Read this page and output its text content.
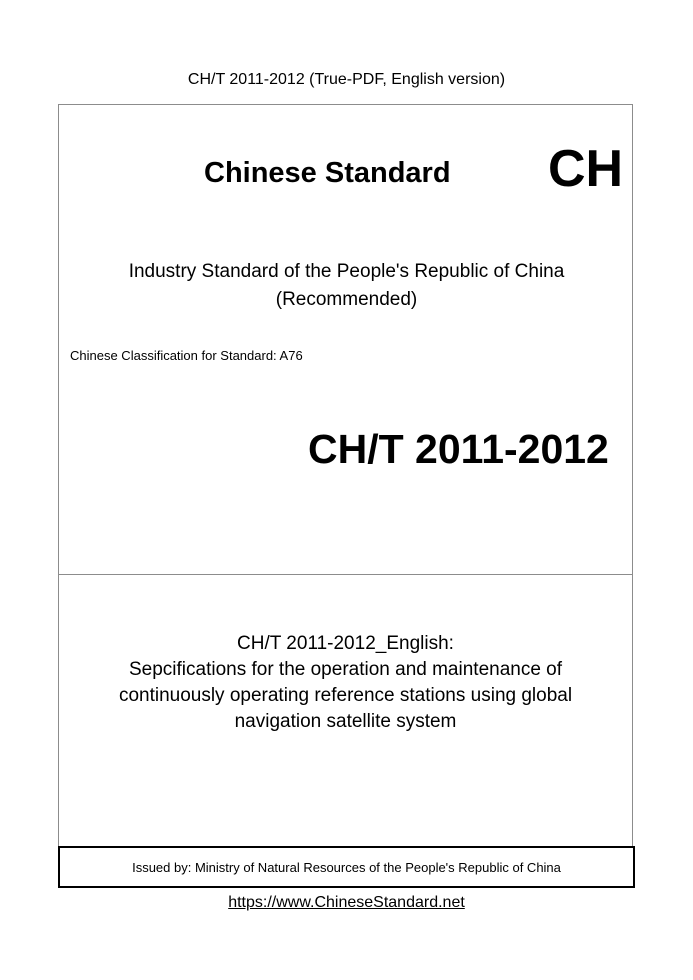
CH/T 2011-2012 (True-PDF, English version)
Chinese Standard CH
Industry Standard of the People's Republic of China
(Recommended)
Chinese Classification for Standard: A76
CH/T 2011-2012
CH/T 2011-2012_English:
Sepcifications for the operation and maintenance of
continuously operating reference stations using global
navigation satellite system
Issued by: Ministry of Natural Resources of the People's Republic of China
https://www.ChineseStandard.net
